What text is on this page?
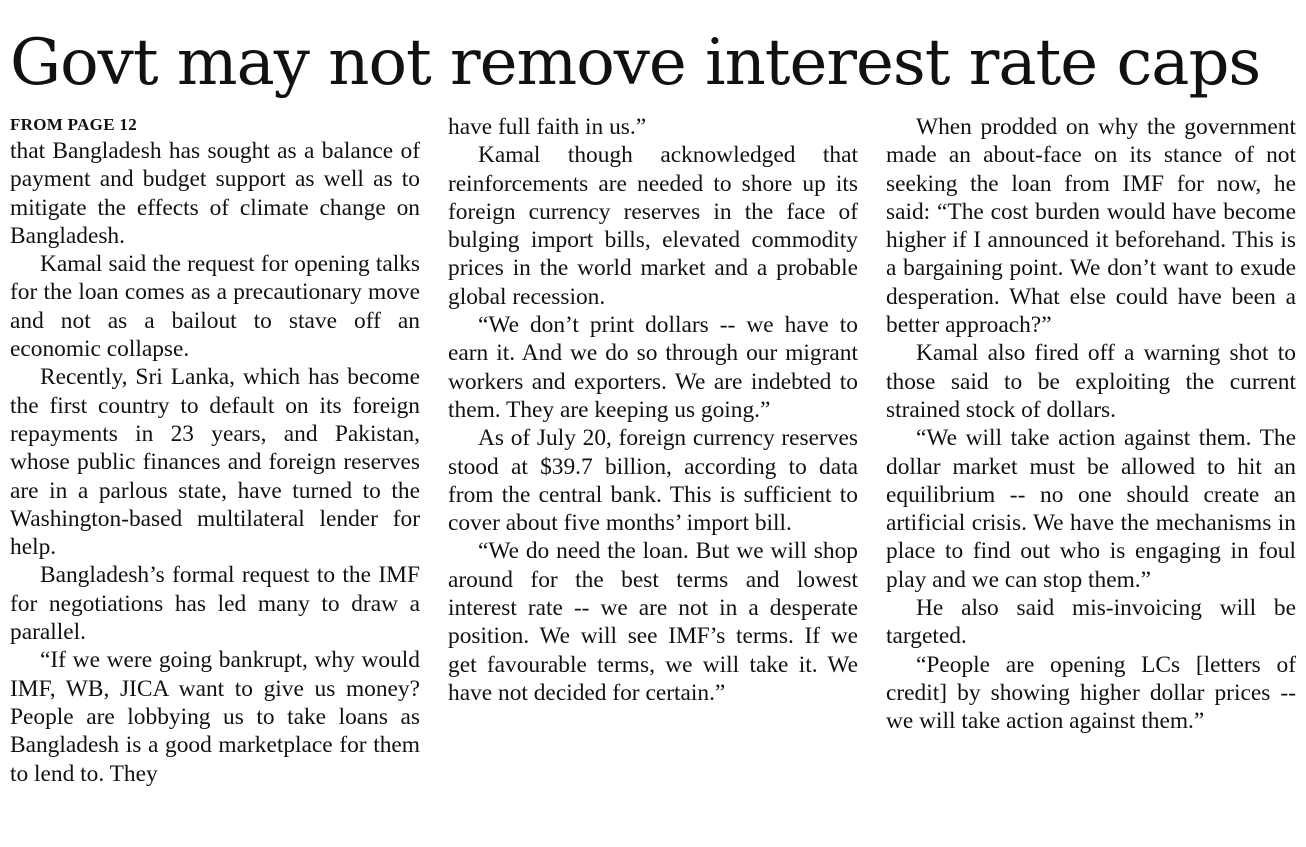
Govt may not remove interest rate caps
FROM PAGE 12

that Bangladesh has sought as a balance of payment and budget support as well as to mitigate the effects of climate change on Bangladesh.

Kamal said the request for opening talks for the loan comes as a precautionary move and not as a bailout to stave off an economic collapse.

Recently, Sri Lanka, which has become the first country to default on its foreign repayments in 23 years, and Pakistan, whose public finances and foreign reserves are in a parlous state, have turned to the Washington-based multilateral lender for help.

Bangladesh’s formal request to the IMF for negotiations has led many to draw a parallel.

“If we were going bankrupt, why would IMF, WB, JICA want to give us money? People are lobbying us to take loans as Bangladesh is a good marketplace for them to lend to. They

have full faith in us.”

Kamal though acknowledged that reinforcements are needed to shore up its foreign currency reserves in the face of bulging import bills, elevated commodity prices in the world market and a probable global recession.

“We don’t print dollars -- we have to earn it. And we do so through our migrant workers and exporters. We are indebted to them. They are keeping us going.”

As of July 20, foreign currency reserves stood at $39.7 billion, according to data from the central bank. This is sufficient to cover about five months’ import bill.

“We do need the loan. But we will shop around for the best terms and lowest interest rate -- we are not in a desperate position. We will see IMF’s terms. If we get favourable terms, we will take it. We have not decided for certain.”

When prodded on why the government made an about-face on its stance of not seeking the loan from IMF for now, he said: “The cost burden would have become higher if I announced it beforehand. This is a bargaining point. We don’t want to exude desperation. What else could have been a better approach?”

Kamal also fired off a warning shot to those said to be exploiting the current strained stock of dollars.

“We will take action against them. The dollar market must be allowed to hit an equilibrium -- no one should create an artificial crisis. We have the mechanisms in place to find out who is engaging in foul play and we can stop them.”

He also said mis-invoicing will be targeted.

“People are opening LCs [letters of credit] by showing higher dollar prices -- we will take action against them.”
